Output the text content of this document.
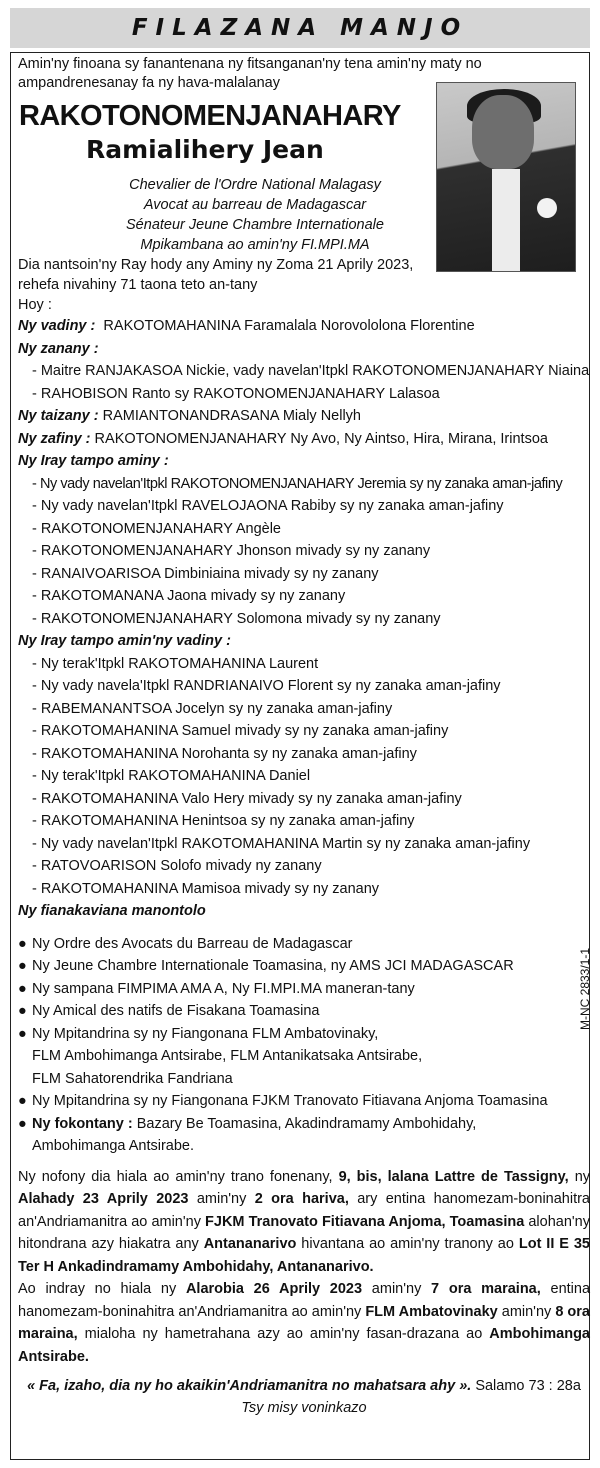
FILAZANA MANJO
M-NC 2833/1-1
Amin'ny finoana sy fanantenana ny fitsanganan'ny tena amin'ny maty no ampandrenesanay fa ny hava-malalanay
RAKOTONOMENJANAHARY
Ramialihery Jean
Chevalier de l'Ordre National Malagasy
Avocat au barreau de Madagascar
Sénateur Jeune Chambre Internationale
Mpikambana ao amin'ny FI.MPI.MA
Dia nantsoin'ny Ray hody any Aminy ny Zoma 21 Aprily 2023,
rehefa nivahiny 71 taona teto an-tany
Hoy :
Ny vadiny : RAKOTOMAHANINA Faramalala Norovololona Florentine
Ny zanany :
- Maitre RANJAKASOA Nickie, vady navelan'Itpkl RAKOTONOMENJANAHARY Niaina
- RAHOBISON Ranto sy RAKOTONOMENJANAHARY Lalasoa
Ny taizany : RAMIANTONANDRASANA Mialy Nellyh
Ny zafiny : RAKOTONOMENJANAHARY Ny Avo, Ny Aintso, Hira, Mirana, Irintsoa
Ny Iray tampo aminy :
- Ny vady navelan'Itpkl RAKOTONOMENJANAHARY Jeremia sy ny zanaka aman-jafiny
- Ny vady navelan'Itpkl RAVELOJAONA Rabiby sy ny zanaka aman-jafiny
- RAKOTONOMENJANAHARY Angèle
- RAKOTONOMENJANAHARY Jhonson mivady sy ny zanany
- RANAIVOARISOA Dimbiniaina mivady sy ny zanany
- RAKOTOMANANA Jaona mivady sy ny zanany
- RAKOTONOMENJANAHARY Solomona mivady sy ny zanany
Ny Iray tampo amin'ny vadiny :
- Ny terak'Itpkl RAKOTOMAHANINA Laurent
- Ny vady navela'Itpkl RANDRIANAIVO Florent sy ny zanaka aman-jafiny
- RABEMANANTSOA Jocelyn sy ny zanaka aman-jafiny
- RAKOTOMAHANINA Samuel mivady sy ny zanaka aman-jafiny
- RAKOTOMAHANINA Norohanta sy ny zanaka aman-jafiny
- Ny terak'Itpkl RAKOTOMAHANINA Daniel
- RAKOTOMAHANINA Valo Hery mivady sy ny zanaka aman-jafiny
- RAKOTOMAHANINA Henintsoa sy ny zanaka aman-jafiny
- Ny vady navelan'Itpkl RAKOTOMAHANINA Martin sy ny zanaka aman-jafiny
- RATOVOARISON Solofo mivady ny zanany
- RAKOTOMAHANINA Mamisoa mivady sy ny zanany
Ny fianakaviana manontolo
● Ny Ordre des Avocats du Barreau de Madagascar
● Ny Jeune Chambre Internationale Toamasina, ny AMS JCI MADAGASCAR
● Ny sampana FIMPIMA AMA A, Ny FI.MPI.MA maneran-tany
● Ny Amical des natifs de Fisakana Toamasina
● Ny Mpitandrina sy ny Fiangonana FLM Ambatovinaky,
FLM Ambohimanga Antsirabe, FLM Antanikatsaka Antsirabe,
FLM Sahatorendrika Fandriana
● Ny Mpitandrina sy ny Fiangonana FJKM Tranovato Fitiavana Anjoma Toamasina
● Ny fokontany : Bazary Be Toamasina, Akadindramamy Ambohidahy,
Ambohimanga Antsirabe.
Ny nofony dia hiala ao amin'ny trano fonenany, 9, bis, lalana Lattre de Tassigny, ny Alahady 23 Aprily 2023 amin'ny 2 ora hariva, ary entina hanomezam-boninahitra an'Andriamanitra ao amin'ny FJKM Tranovato Fitiavana Anjoma, Toamasina alohan'ny hitondrana azy hiakatra any Antananarivo hivantana ao amin'ny tranony ao Lot II E 35 Ter H Ankadindramamy Ambohidahy, Antananarivo.
Ao indray no hiala ny Alarobia 26 Aprily 2023 amin'ny 7 ora maraina, entina hanomezam-boninahitra an'Andriamanitra ao amin'ny FLM Ambatovinaky amin'ny 8 ora maraina, mialoha ny hametrahana azy ao amin'ny fasan-drazana ao Ambohimanga Antsirabe.
« Fa, izaho, dia ny ho akaikin'Andriamanitra no mahatsara ahy ». Salamo 73 : 28a
Tsy misy voninkazo
